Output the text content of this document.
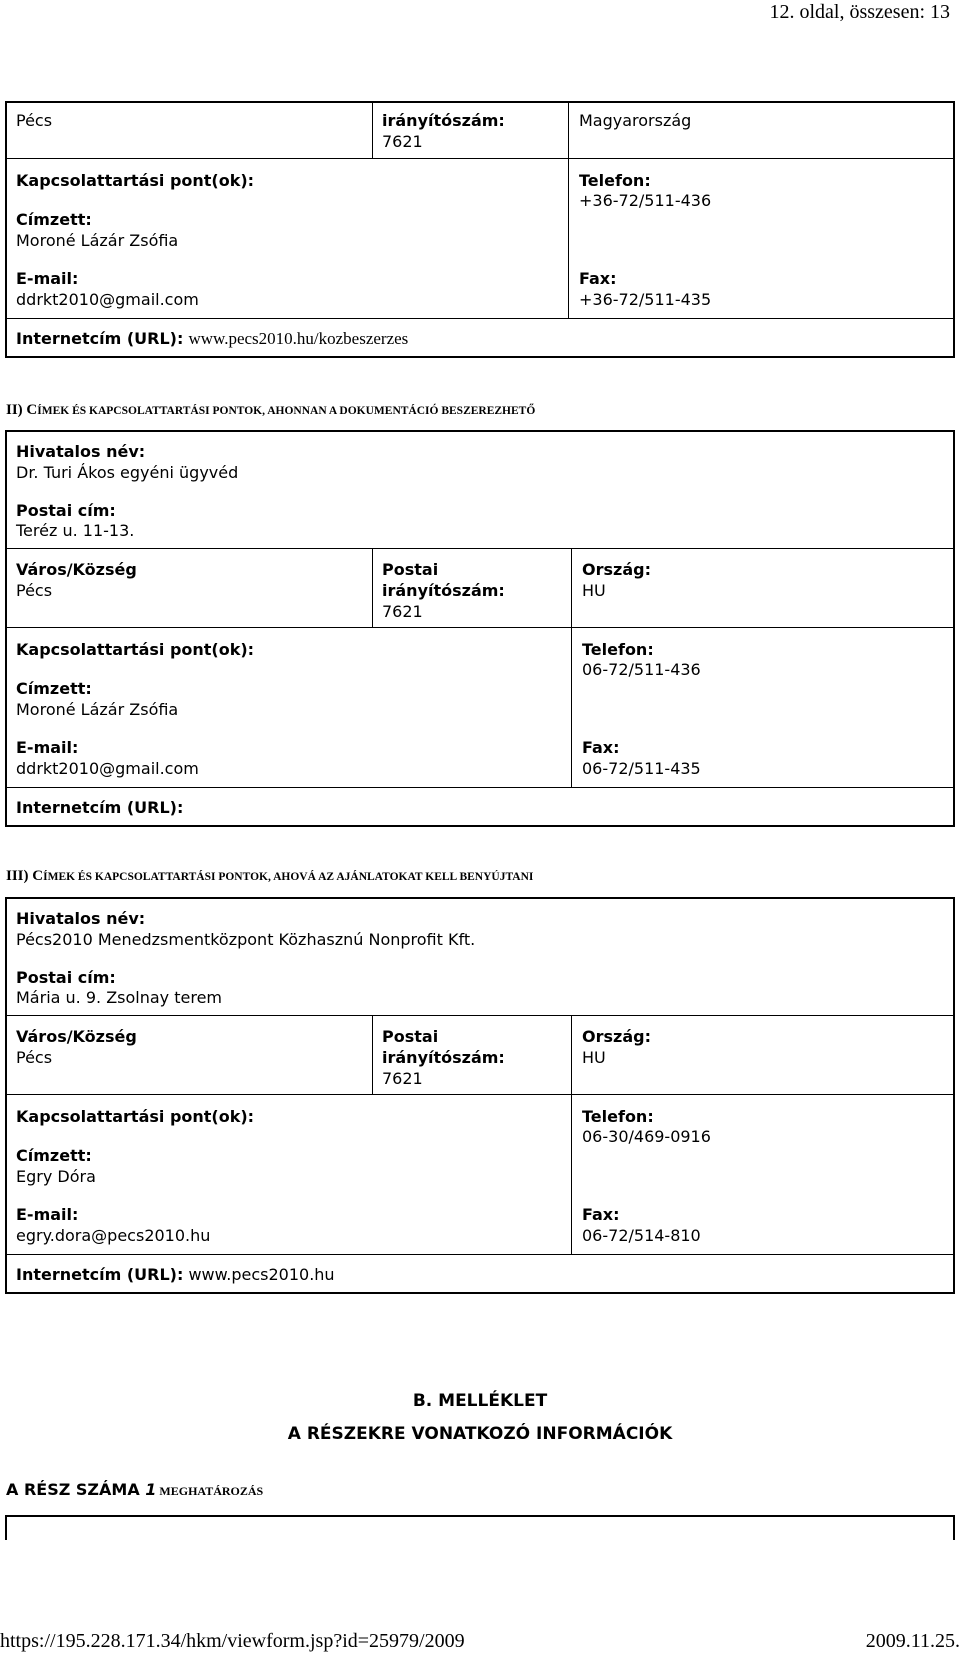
12. oldal, összesen: 13
Pécs	irányítószám:
7621
Magyarország
Kapcsolattartási pont(ok):
Címzett:
Moroné Lázár Zsófia
Telefon:
+36-72/511-436
E-mail:
ddrkt2010@gmail.com
Fax:
+36-72/511-435
Internetcím (URL): www.pecs2010.hu/kozbeszerzes
II) CÍMEK ÉS KAPCSOLATTARTÁSI PONTOK, AHONNAN A DOKUMENTÁCIÓ BESZEREZHETŐ
Hivatalos név:
Dr. Turi Ákos egyéni ügyvéd
Postai cím:
Teréz u. 11-13.
Város/Község
Pécs
Postai
irányítószám:
7621
Ország:
HU
Kapcsolattartási pont(ok):
Címzett:
Moroné Lázár Zsófia
Telefon:
06-72/511-436
E-mail:
ddrkt2010@gmail.com
Fax:
06-72/511-435
Internetcím (URL):
III) CÍMEK ÉS KAPCSOLATTARTÁSI PONTOK, AHOVÁ AZ AJÁNLATOKAT KELL BENYÚJTANI
Hivatalos név:
Pécs2010 Menedzsmentközpont Közhasznú Nonprofit Kft.
Postai cím:
Mária u. 9. Zsolnay terem
Város/Község
Pécs
Postai
irányítószám:
7621
Ország:
HU
Kapcsolattartási pont(ok):
Címzett:
Egry Dóra
Telefon:
06-30/469-0916
E-mail:
egry.dora@pecs2010.hu
Fax:
06-72/514-810
Internetcím (URL): www.pecs2010.hu
B. MELLÉKLET
A RÉSZEKRE VONATKOZÓ INFORMÁCIÓK
A RÉSZ SZÁMA 1 MEGHATÁROZÁS
https://195.228.171.34/hkm/viewform.jsp?id=25979/2009	2009.11.25.
